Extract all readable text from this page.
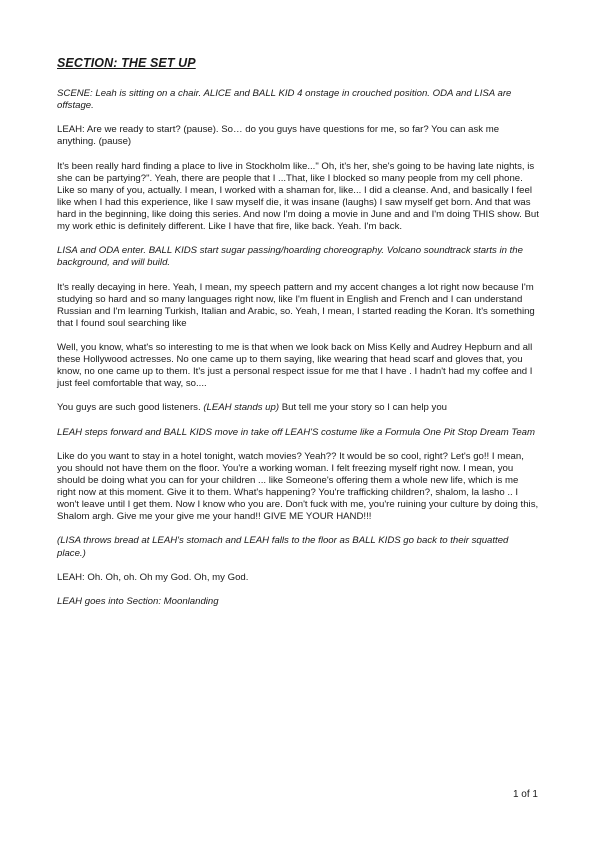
SECTION: THE SET UP

SCENE: Leah is sitting on a chair. ALICE and BALL KID 4 onstage in crouched position. ODA and LISA are offstage.

LEAH: Are we ready to start? (pause). So… do you guys have questions for me, so far? You can ask me anything. (pause)

It's been really hard finding a place to live in Stockholm like..." Oh, it's her, she's going to be having late nights, is she can be partying?". Yeah, there are people that I ...That, like I blocked so many people from my cell phone. Like so many of you, actually. I mean, I worked with a shaman for, like... I did a cleanse. And, and basically I feel like when I had this experience, like I saw myself die, it was insane (laughs) I saw myself get born. And that was hard in the beginning, like doing this series. And now I'm doing a movie in June and and I'm doing THIS show. But my work ethic is definitely different. Like I have that fire, like back. Yeah. I'm back.

LISA and ODA enter. BALL KIDS start sugar passing/hoarding choreography. Volcano soundtrack starts in the background, and will build.

It's really decaying in here. Yeah, I mean, my speech pattern and my accent changes a lot right now because I'm studying so hard and so many languages right now, like I'm fluent in English and French and I can understand Russian and I'm learning Turkish, Italian and Arabic, so. Yeah, I mean, I started reading the Koran. It's something that I found soul searching like

Well, you know, what's so interesting to me is that when we look back on Miss Kelly and Audrey Hepburn and all these Hollywood actresses. No one came up to them saying, like wearing that head scarf and gloves that, you know, no one came up to them. It's just a personal respect issue for me that I have . I hadn't had my coffee and I just feel comfortable that way, so....

You guys are such good listeners. (LEAH stands up) But tell me your story so I can help you

LEAH steps forward and BALL KIDS move in take off LEAH'S costume like a Formula One Pit Stop Dream Team

Like do you want to stay in a hotel tonight, watch movies? Yeah?? It would be so cool, right? Let's go!! I mean, you should not have them on the floor. You're a working woman. I felt freezing myself right now. I mean, you should be doing what you can for your children ... like Someone's offering them a whole new life, which is me right now at this moment. Give it to them. What's happening? You're trafficking children?, shalom, la lasho .. I won't leave until I get them. Now I know who you are. Don't fuck with me, you're ruining your culture by doing this, Shalom argh. Give me your give me your hand!! GIVE ME YOUR HAND!!!

(LISA throws bread at LEAH's stomach and LEAH falls to the floor as BALL KIDS go back to their squatted place.)

LEAH: Oh. Oh, oh. Oh my God. Oh, my God.

LEAH goes into Section: Moonlanding

1 of 1
